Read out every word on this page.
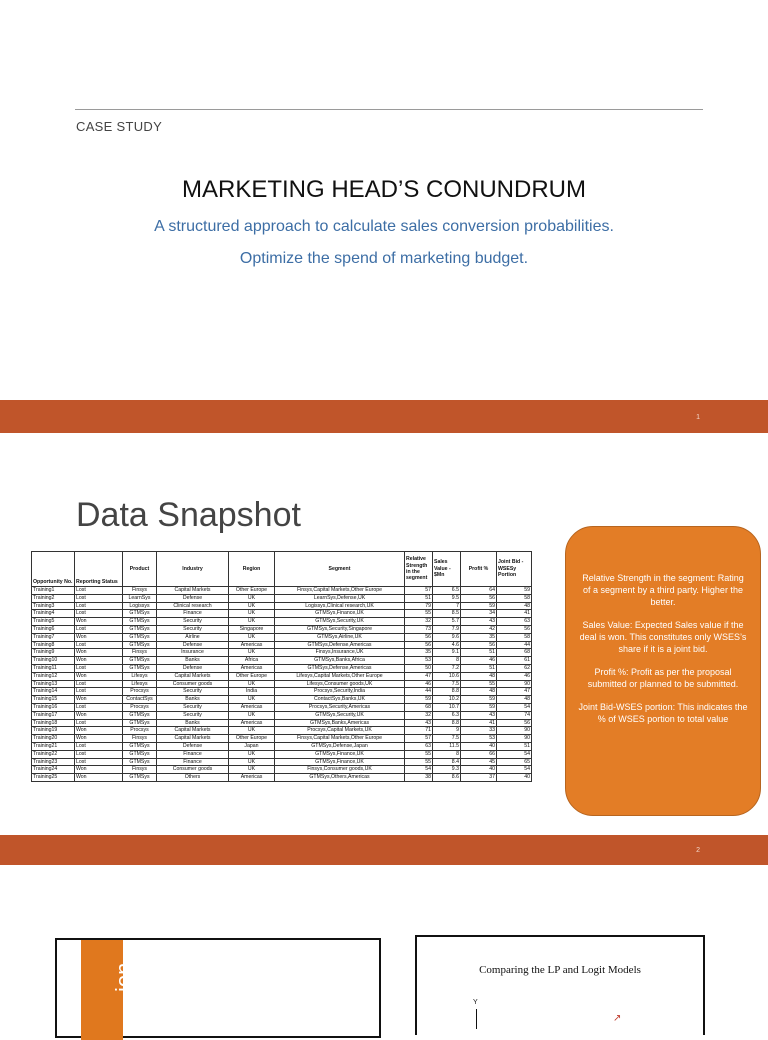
CASE STUDY
MARKETING HEAD’S CONUNDRUM
A structured approach to calculate sales conversion probabilities.
Optimize the spend of marketing budget.
1
Data Snapshot
Opportunity No.	Reporting Status	Product	Industry	Region	Segment	Relative Strength in the segment	Sales Value - $Mn	Profit %	Joint Bid - WSESy Portion
Training1	Lost	Finsys	Capital Markets	Other Europe	Finsys,Capital Markets,Other Europe	57	6.5	64	59
Training2	Lost	LearnSys	Defense	UK	LearnSys,Defense,UK	51	9.5	56	58
Training3	Lost	Logissys	Clinical research	UK	Logissys,Clinical research,UK	79	7	59	48
Training4	Lost	GTMSys	Finance	UK	GTMSys,Finance,UK	55	8.5	34	41
Training5	Won	GTMSys	Security	UK	GTMSys,Security,UK	32	5.7	43	63
Training6	Lost	GTMSys	Security	Singapore	GTMSys,Security,Singapore	73	7.9	42	56
Training7	Won	GTMSys	Airline	UK	GTMSys,Airline,UK	56	9.6	35	58
Training8	Lost	GTMSys	Defense	Americas	GTMSys,Defense,Americas	56	4.6	56	44
Training9	Won	Finsys	Insurance	UK	Finsys,Insurance,UK	35	9.1	51	68
Training10	Won	GTMSys	Banks	Africa	GTMSys,Banks,Africa	53	8	46	61
Training11	Lost	GTMSys	Defense	Americas	GTMSys,Defense,Americas	50	7.2	51	62
Training12	Won	Lifesys	Capital Markets	Other Europe	Lifesys,Capital Markets,Other Europe	47	10.6	48	46
Training13	Lost	Lifesys	Consumer goods	UK	Lifesys,Consumer goods,UK	46	7.5	55	90
Training14	Lost	Procsys	Security	India	Procsys,Security,India	44	8.8	48	47
Training15	Won	ContactSys	Banks	UK	ContactSys,Banks,UK	59	10.2	59	48
Training16	Lost	Procsys	Security	Americas	Procsys,Security,Americas	68	10.7	59	54
Training17	Won	GTMSys	Security	UK	GTMSys,Security,UK	32	6.3	43	74
Training18	Lost	GTMSys	Banks	Americas	GTMSys,Banks,Americas	43	8.8	41	56
Training19	Won	Procsys	Capital Markets	UK	Procsys,Capital Markets,UK	71	9	33	90
Training20	Won	Finsys	Capital Markets	Other Europe	Finsys,Capital Markets,Other Europe	57	7.5	53	90
Training21	Lost	GTMSys	Defense	Japan	GTMSys,Defense,Japan	63	11.5	40	51
Training22	Lost	GTMSys	Finance	UK	GTMSys,Finance,UK	55	8	66	54
Training23	Lost	GTMSys	Finance	UK	GTMSys,Finance,UK	55	8.4	45	65
Training24	Won	Finsys	Consumer goods	UK	Finsys,Consumer goods,UK	54	9.3	40	54
Training25	Won	GTMSys	Others	Americas	GTMSys,Others,Americas	38	8.6	37	40

Relative Strength in the segment: Rating of a segment by a third party. Higher the better.

Sales Value: Expected Sales value if the deal is won. This constitutes only WSES’s share if it is a joint bid.

Profit %: Profit as per the proposal submitted or planned to be submitted.

Joint Bid-WSES portion: This indicates the % of WSES portion to total value

2
ion	Comparing the LP and Logit Models
Y
↗
